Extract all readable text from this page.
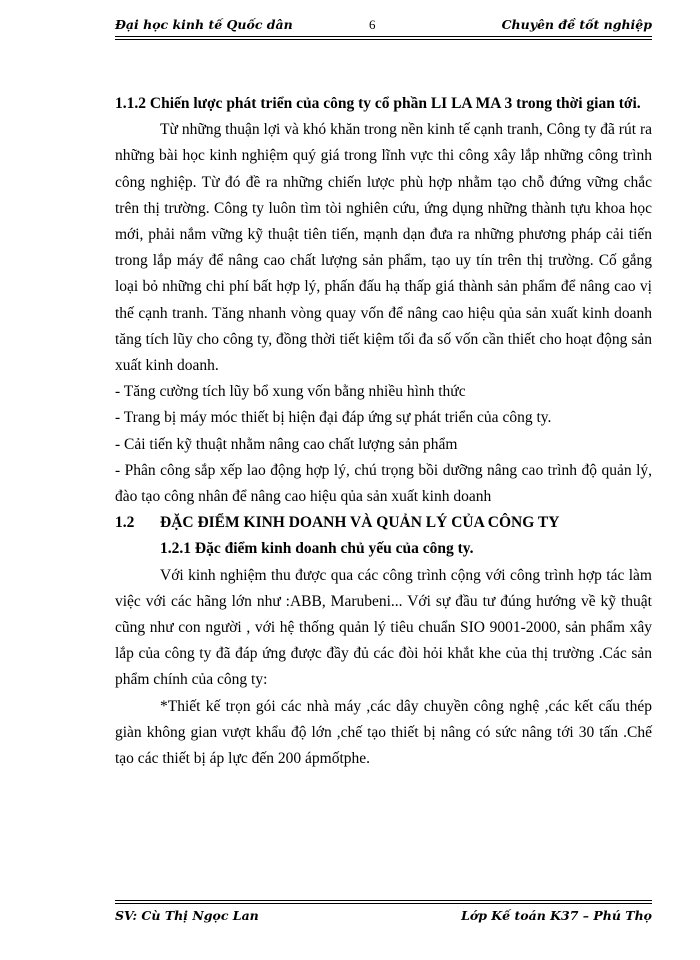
Đại học kinh tế Quốc dân	6	Chuyên đề tốt nghiệp

1.1.2 Chiến lược phát triển của công ty cổ phần LI LA MA 3 trong thời gian tới.

Từ những thuận lợi và khó khăn trong nền kinh tế cạnh tranh, Công ty đã rút ra những bài học kinh nghiệm quý giá trong lĩnh vực thi công xây lắp những công trình công nghiệp. Từ đó đề ra những chiến lược phù hợp nhằm tạo chỗ đứng vững chắc trên thị trường. Công ty luôn tìm tòi nghiên cứu, ứng dụng những thành tựu khoa học mới, phải nắm vững kỹ thuật tiên tiến, mạnh dạn đưa ra những phương pháp cải tiến trong lắp máy để nâng cao chất lượng sản phẩm, tạo uy tín trên thị trường. Cố gắng loại bỏ những chi phí bất hợp lý, phấn đấu hạ thấp giá thành sản phẩm để nâng cao vị thế cạnh tranh. Tăng nhanh vòng quay vốn để nâng cao hiệu qủa sản xuất kinh doanh tăng tích lũy cho công ty, đồng thời tiết kiệm tối đa số vốn cần thiết cho hoạt động sản xuất kinh doanh.

- Tăng cường tích lũy bổ xung vốn bằng nhiều hình thức

- Trang bị máy móc thiết bị hiện đại đáp ứng sự phát triển của công ty.

- Cải tiến kỹ thuật nhằm nâng cao chất lượng sản phẩm

- Phân công sắp xếp lao động hợp lý, chú trọng bồi dưỡng nâng cao trình độ quản lý, đào tạo công nhân để nâng cao hiệu qủa sản xuất kinh doanh

1.2 ĐẶC ĐIỂM KINH DOANH VÀ QUẢN LÝ CỦA CÔNG TY

1.2.1 Đặc điểm kinh doanh chủ yếu của công ty.

Với kinh nghiệm thu được qua các công trình cộng với công trình hợp tác làm việc với các hãng lớn như :ABB, Marubeni... Với sự đầu tư đúng hướng về kỹ thuật cũng như con người , với hệ thống quản lý tiêu chuẩn SIO 9001-2000, sản phẩm xây lắp của công ty đã đáp ứng được đầy đủ các đòi hỏi khắt khe của thị trường .Các sản phẩm chính của công ty:

*Thiết kế trọn gói các nhà máy ,các dây chuyền công nghệ ,các kết cấu thép giàn không gian vượt khẩu độ lớn ,chế tạo thiết bị nâng có sức nâng tới 30 tấn .Chế tạo các thiết bị áp lực đến 200 ápmốtphe.

SV: Cù Thị Ngọc Lan	Lớp Kế toán K37 – Phú Thọ
